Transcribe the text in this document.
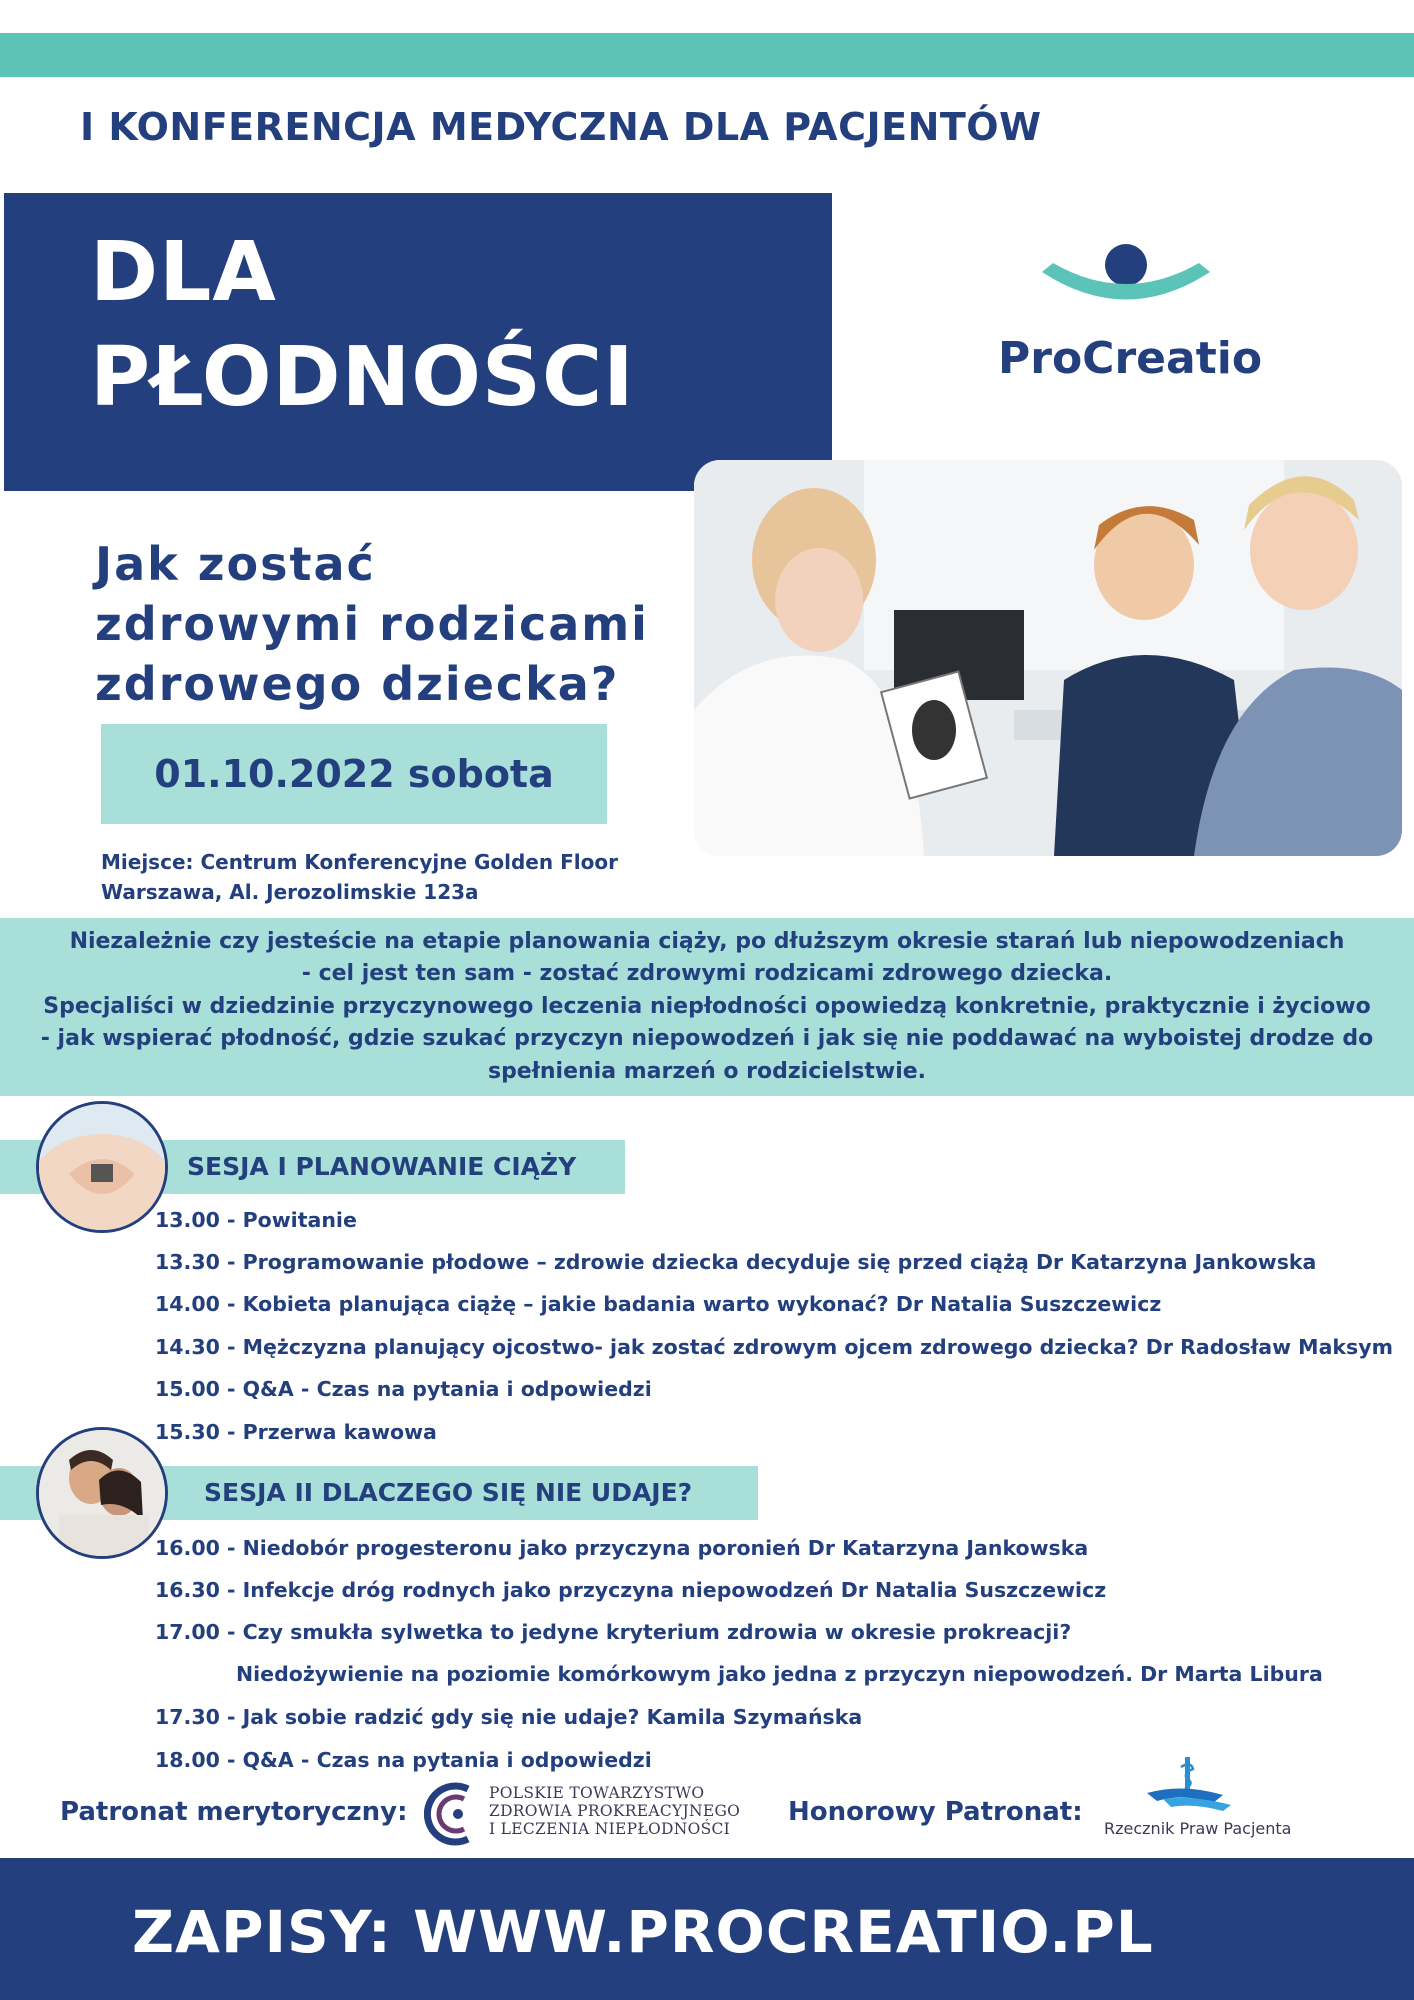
I KONFERENCJA MEDYCZNA DLA PACJENTÓW
DLA
PŁODNOŚCI	ProCreatio
Jak zostać
zdrowymi rodzicami
zdrowego dziecka?
01.10.2022 sobota
Miejsce: Centrum Konferencyjne Golden Floor
Warszawa, Al. Jerozolimskie 123a
Niezależnie czy jesteście na etapie planowania ciąży, po dłuższym okresie starań lub niepowodzeniach
- cel jest ten sam - zostać zdrowymi rodzicami zdrowego dziecka.
Specjaliści w dziedzinie przyczynowego leczenia niepłodności opowiedzą konkretnie, praktycznie i życiowo
- jak wspierać płodność, gdzie szukać przyczyn niepowodzeń i jak się nie poddawać na wyboistej drodze do
spełnienia marzeń o rodzicielstwie.
SESJA I PLANOWANIE CIĄŻY
13.00 - Powitanie
13.30 - Programowanie płodowe – zdrowie dziecka decyduje się przed ciążą Dr Katarzyna Jankowska
14.00 - Kobieta planująca ciążę – jakie badania warto wykonać? Dr Natalia Suszczewicz
14.30 - Mężczyzna planujący ojcostwo- jak zostać zdrowym ojcem zdrowego dziecka? Dr Radosław Maksym
15.00 - Q&A - Czas na pytania i odpowiedzi
15.30 - Przerwa kawowa
SESJA II DLACZEGO SIĘ NIE UDAJE?
16.00 - Niedobór progesteronu jako przyczyna poronień Dr Katarzyna Jankowska
16.30 - Infekcje dróg rodnych jako przyczyna niepowodzeń Dr Natalia Suszczewicz
17.00 - Czy smukła sylwetka to jedyne kryterium zdrowia w okresie prokreacji?
Niedożywienie na poziomie komórkowym jako jedna z przyczyn niepowodzeń. Dr Marta Libura
17.30 - Jak sobie radzić gdy się nie udaje? Kamila Szymańska
18.00 - Q&A - Czas na pytania i odpowiedzi
Patronat merytoryczny:
POLSKIE TOWARZYSTWO
ZDROWIA PROKREACYJNEGO
I LECZENIA NIEPŁODNOŚCI
Honorowy Patronat:
Rzecznik Praw Pacjenta
ZAPISY: WWW.PROCREATIO.PL
